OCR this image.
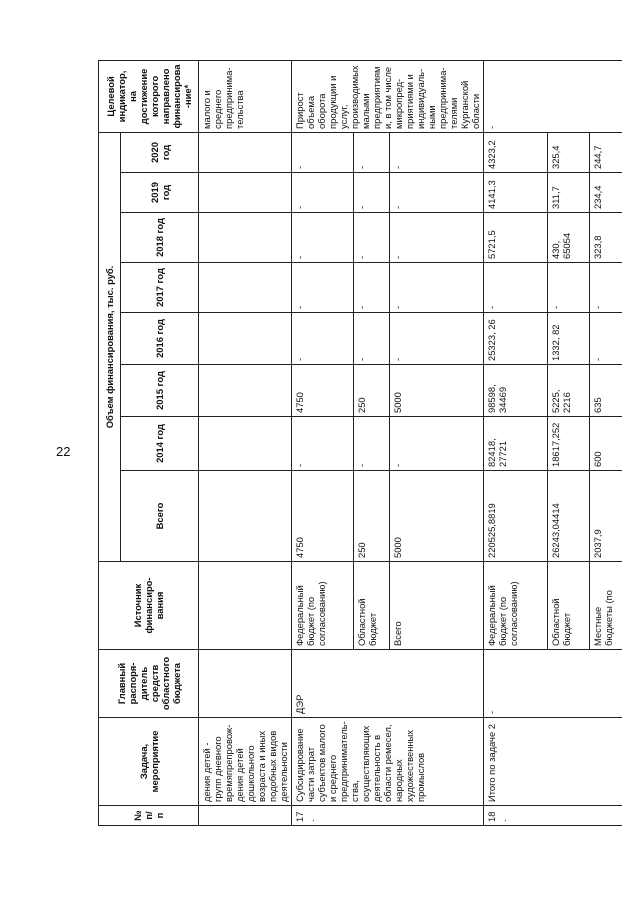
22
№ п/п	Задача, мероприятие	Главный распоря-дитель средств областного бюджета	Источник финансиро-вания	Объем финансирования, тыс. руб.								Целевой индикатор, на достижение которого направлено финансирова-ние*
				Всего	2014 год	2015 год	2016 год	2017 год	2018 год	2019 год	2020 год	
	дения детей - групп дневного времяпрепровож-дения детей дошкольного возраста и иных подобных видов деятельности											малого и среднего предпринима-тельства
17.	Субсидирование части затрат субъектов малого и среднего предприниматель-ства, осуществляющих деятельность в области ремесел, народных художественных промыслов	ДЭР	Федеральный бюджет (по согласованию)	4750	-	4750	-	-	-	-	-	Прирост объема оборота продукции и услуг, производимых малыми предприятиями, в том числе микропред-приятиями и индивидуаль-ными предпринима-телями Курганской области
			Областной бюджет	250	-	250	-	-	-	-	-	
			Всего	5000	-	5000	-	-	-	-	-	
18.	Итого по задаче 2	-	Федеральный бюджет (по согласованию)	220525,8819	82418, 27721	98598, 34469	25323, 26	-	5721,5	4141,3	4323,2	-
			Областной бюджет	26243,04414	18617,252	5225, 2216	1332, 82	-	430, 65054	311,7	325,4	
			Местные бюджеты (по	2037,9	600	635	-	-	323,8	234,4	244,7	
